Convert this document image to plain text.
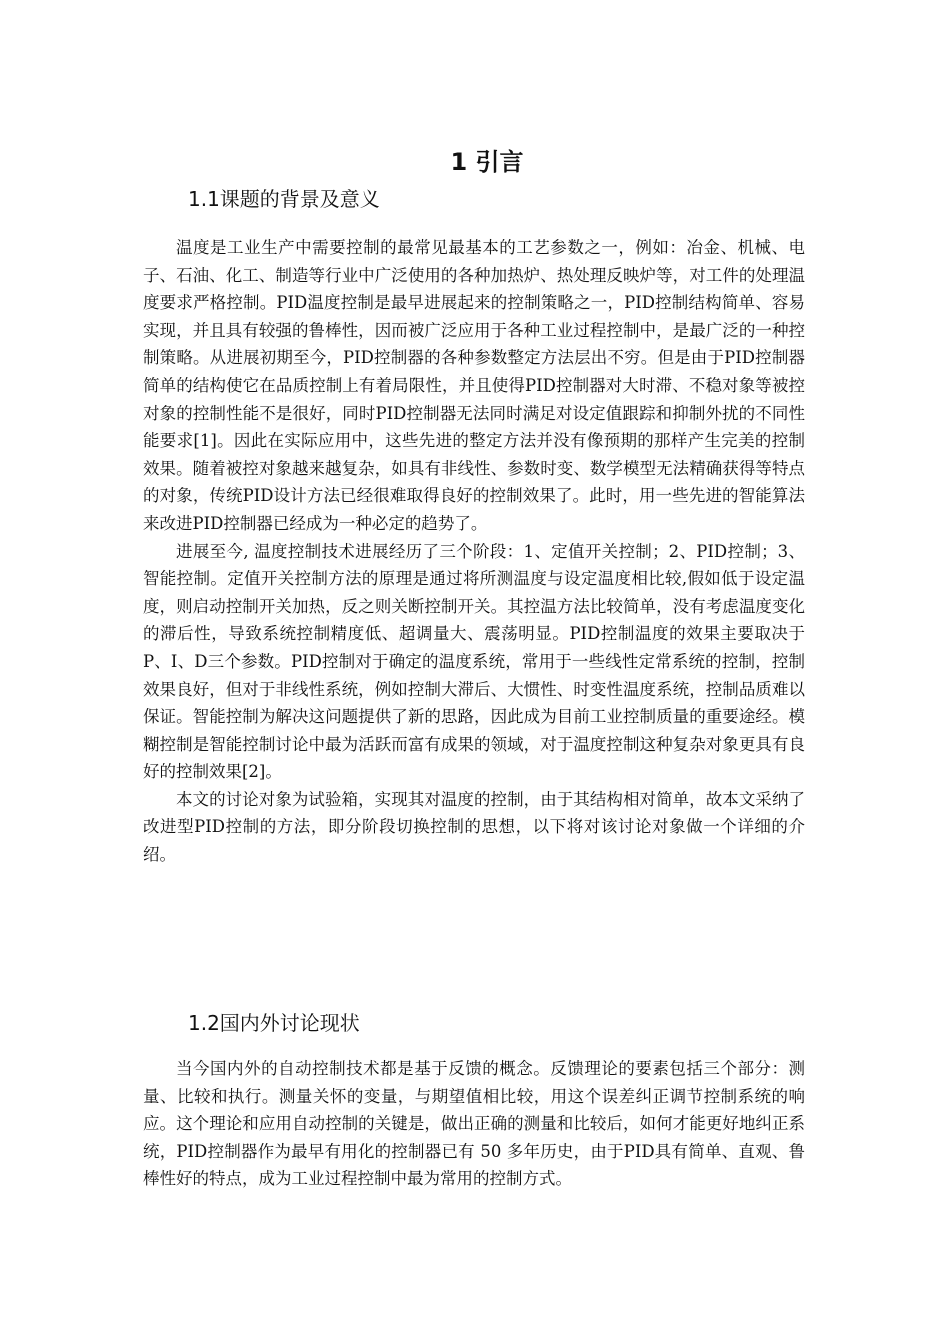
1 引言
1.1课题的背景及意义

温度是工业生产中需要控制的最常见最基本的工艺参数之一，例如：冶金、机械、电子、石油、化工、制造等行业中广泛使用的各种加热炉、热处理反映炉等，对工件的处理温度要求严格控制。PID温度控制是最早进展起来的控制策略之一，PID控制结构简单、容易实现，并且具有较强的鲁棒性，因而被广泛应用于各种工业过程控制中，是最广泛的一种控制策略。从进展初期至今，PID控制器的各种参数整定方法层出不穷。但是由于PID控制器简单的结构使它在品质控制上有着局限性，并且使得PID控制器对大时滞、不稳对象等被控对象的控制性能不是很好，同时PID控制器无法同时满足对设定值跟踪和抑制外扰的不同性能要求[1]。因此在实际应用中，这些先进的整定方法并没有像预期的那样产生完美的控制效果。随着被控对象越来越复杂，如具有非线性、参数时变、数学模型无法精确获得等特点的对象，传统PID设计方法已经很难取得良好的控制效果了。此时，用一些先进的智能算法来改进PID控制器已经成为一种必定的趋势了。

进展至今, 温度控制技术进展经历了三个阶段：1、定值开关控制；2、PID控制；3、智能控制。定值开关控制方法的原理是通过将所测温度与设定温度相比较,假如低于设定温度，则启动控制开关加热，反之则关断控制开关。其控温方法比较简单，没有考虑温度变化的滞后性，导致系统控制精度低、超调量大、震荡明显。PID控制温度的效果主要取决于P、I、D三个参数。PID控制对于确定的温度系统，常用于一些线性定常系统的控制，控制效果良好，但对于非线性系统，例如控制大滞后、大惯性、时变性温度系统，控制品质难以保证。智能控制为解决这问题提供了新的思路，因此成为目前工业控制质量的重要途经。模糊控制是智能控制讨论中最为活跃而富有成果的领域，对于温度控制这种复杂对象更具有良好的控制效果[2]。

本文的讨论对象为试验箱，实现其对温度的控制，由于其结构相对简单，故本文采纳了改进型PID控制的方法，即分阶段切换控制的思想，以下将对该讨论对象做一个详细的介绍。

1.2国内外讨论现状

当今国内外的自动控制技术都是基于反馈的概念。反馈理论的要素包括三个部分：测量、比较和执行。测量关怀的变量，与期望值相比较，用这个误差纠正调节控制系统的响应。这个理论和应用自动控制的关键是，做出正确的测量和比较后，如何才能更好地纠正系统，PID控制器作为最早有用化的控制器已有 50 多年历史，由于PID具有简单、直观、鲁棒性好的特点，成为工业过程控制中最为常用的控制方式。
